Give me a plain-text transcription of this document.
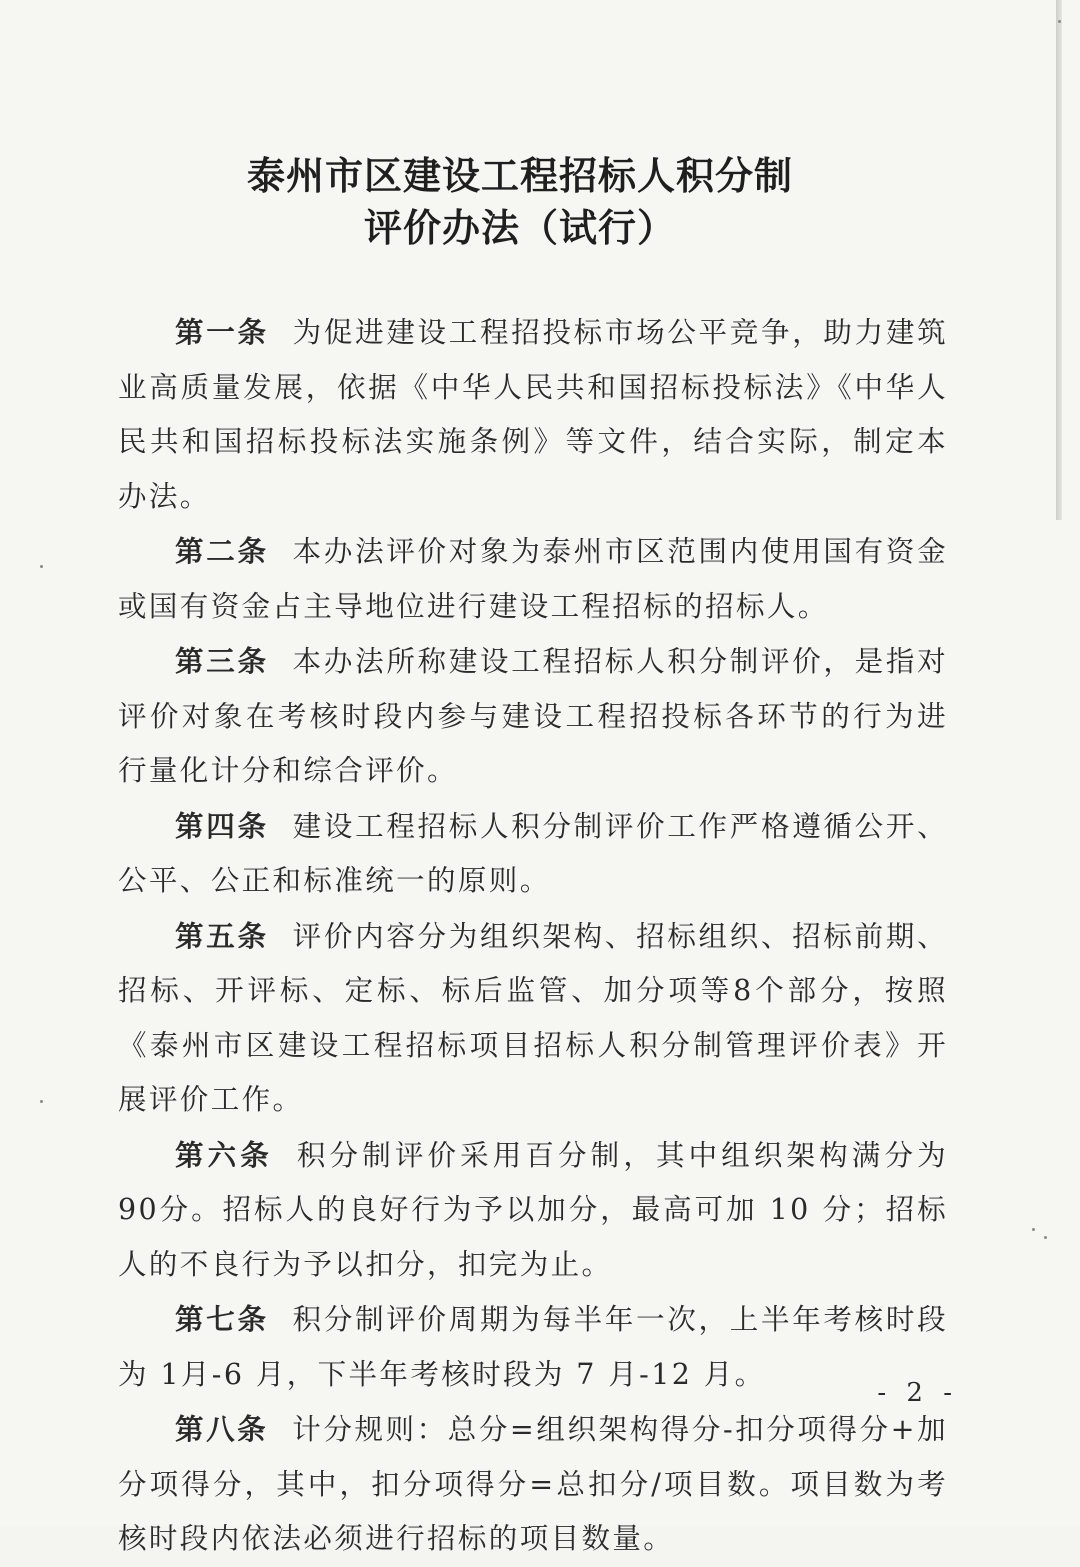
泰州市区建设工程招标人积分制
评价办法（试行）

第一条 为促进建设工程招投标市场公平竞争，助力建筑业高质量发展，依据《中华人民共和国招标投标法》《中华人民共和国招标投标法实施条例》等文件，结合实际，制定本办法。

第二条 本办法评价对象为泰州市区范围内使用国有资金或国有资金占主导地位进行建设工程招标的招标人。

第三条 本办法所称建设工程招标人积分制评价，是指对评价对象在考核时段内参与建设工程招投标各环节的行为进行量化计分和综合评价。

第四条 建设工程招标人积分制评价工作严格遵循公开、公平、公正和标准统一的原则。

第五条 评价内容分为组织架构、招标组织、招标前期、招标、开评标、定标、标后监管、加分项等8个部分，按照《泰州市区建设工程招标项目招标人积分制管理评价表》开展评价工作。

第六条 积分制评价采用百分制，其中组织架构满分为90分。招标人的良好行为予以加分，最高可加 10 分；招标人的不良行为予以扣分，扣完为止。

第七条 积分制评价周期为每半年一次，上半年考核时段为 1月-6 月，下半年考核时段为 7 月-12 月。

第八条 计分规则：总分=组织架构得分-扣分项得分+加分项得分，其中，扣分项得分=总扣分/项目数。项目数为考核时段内依法必须进行招标的项目数量。

- 2 -
